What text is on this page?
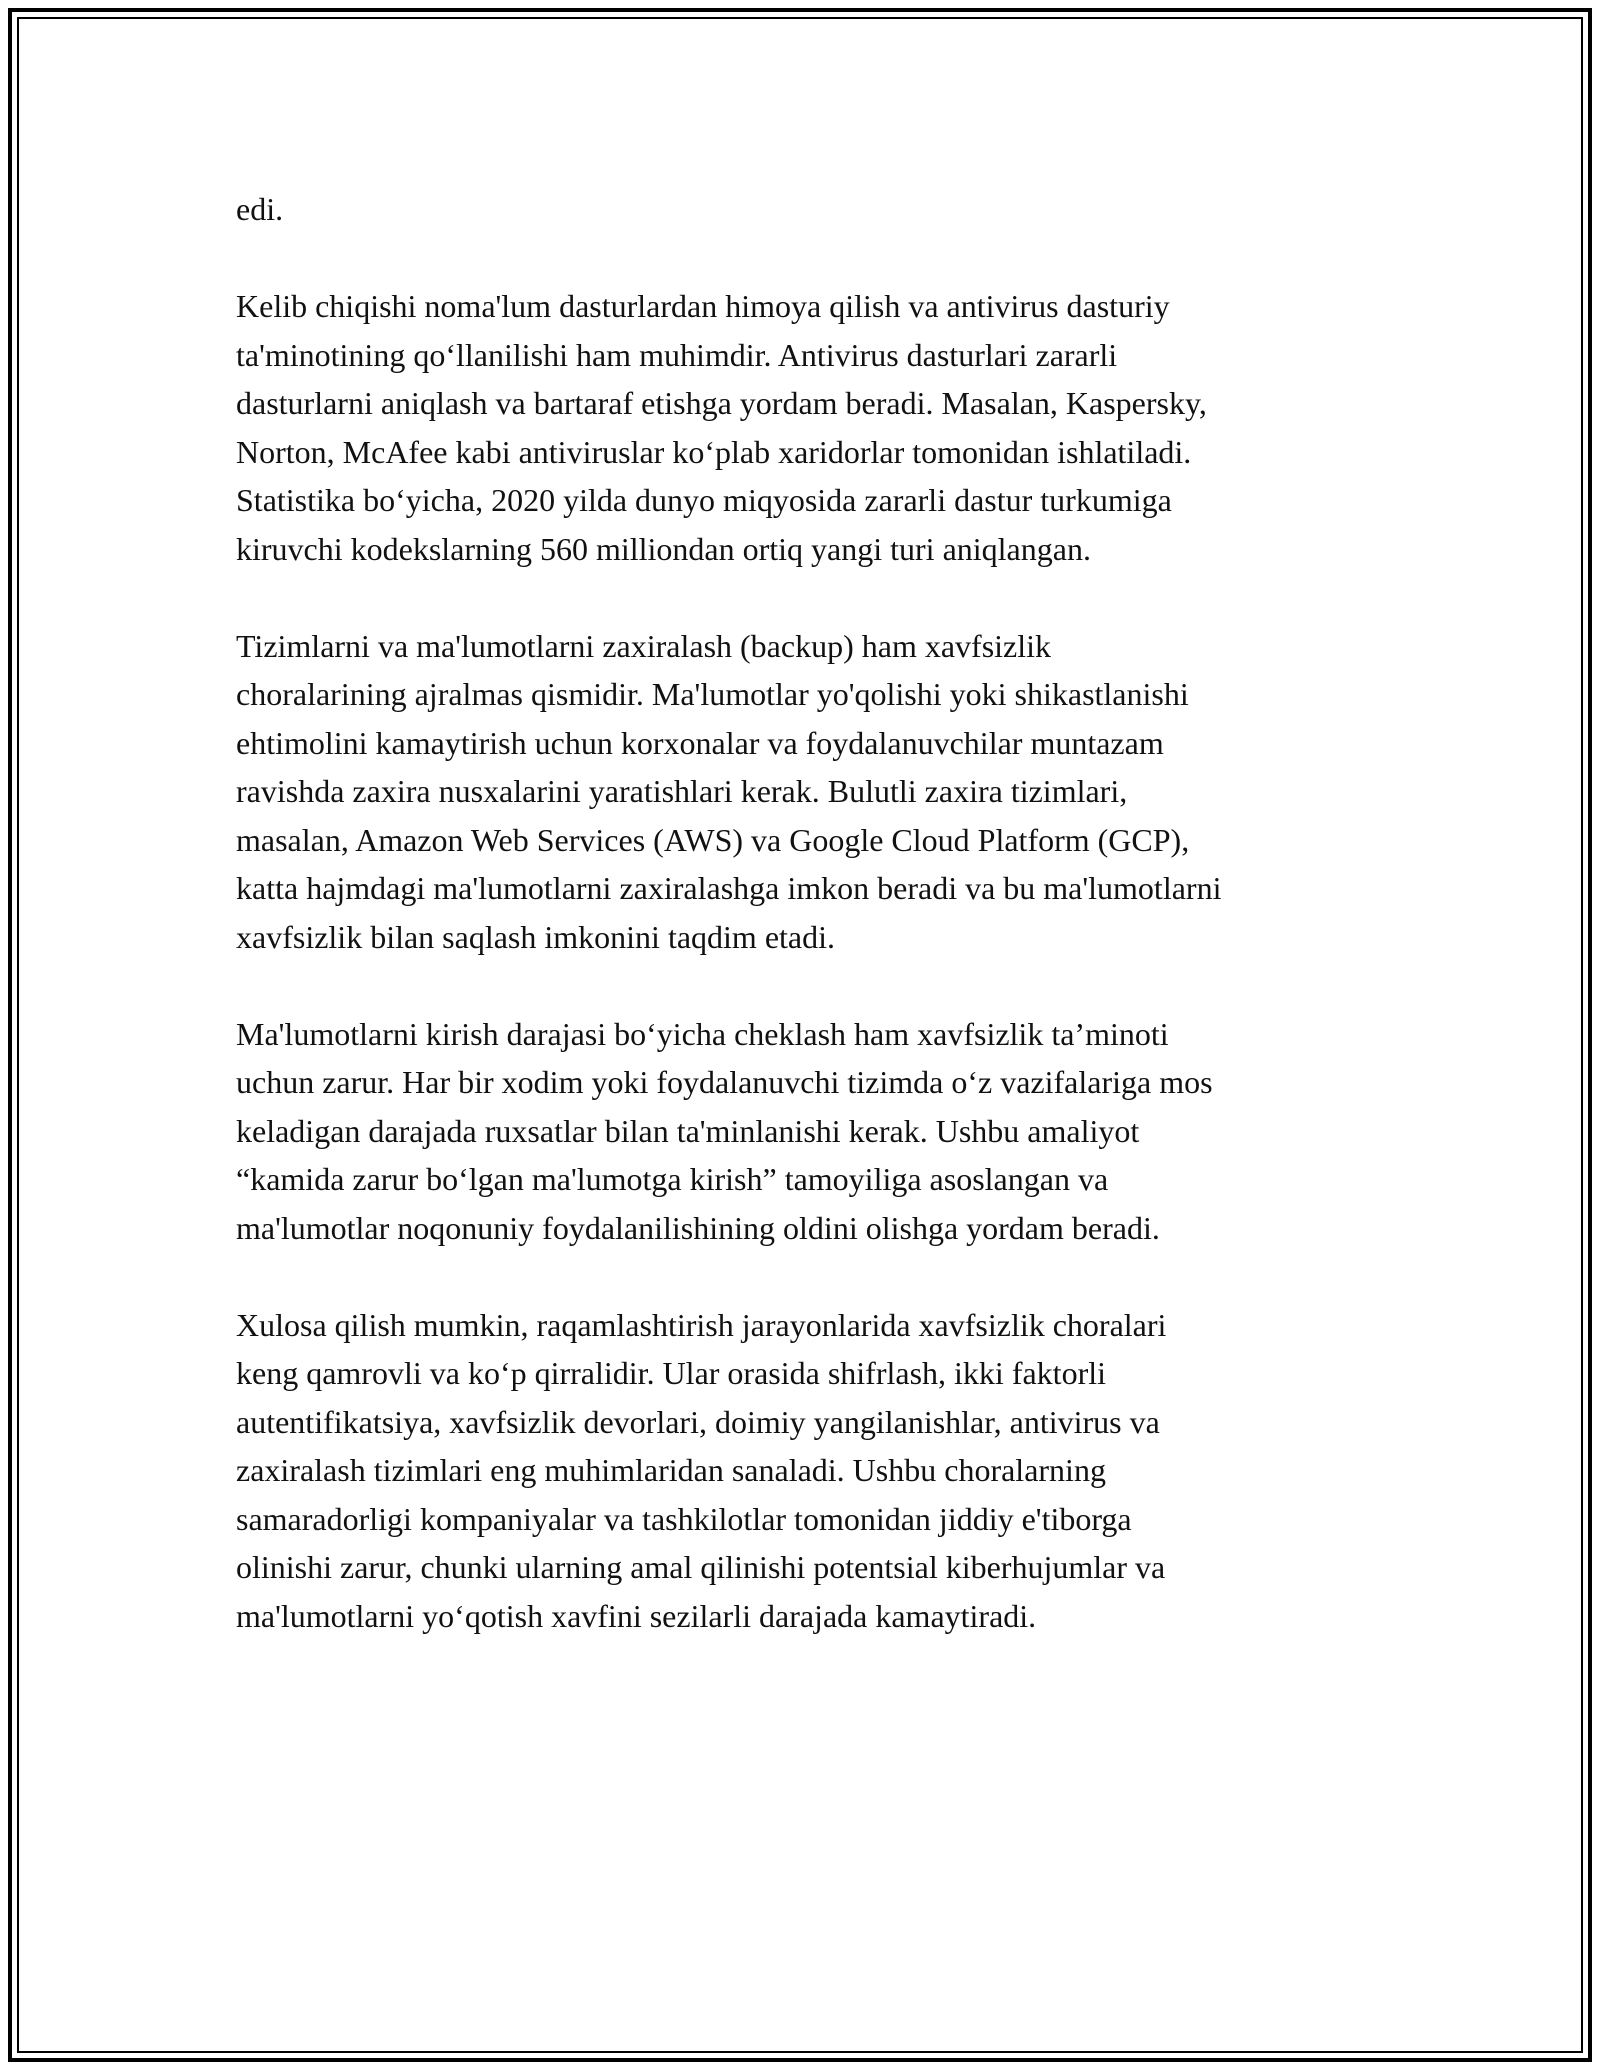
edi.

Kelib chiqishi noma'lum dasturlardan himoya qilish va antivirus dasturiy
ta'minotining qo‘llanilishi ham muhimdir. Antivirus dasturlari zararli
dasturlarni aniqlash va bartaraf etishga yordam beradi. Masalan, Kaspersky,
Norton, McAfee kabi antiviruslar ko‘plab xaridorlar tomonidan ishlatiladi.
Statistika bo‘yicha, 2020 yilda dunyo miqyosida zararli dastur turkumiga
kiruvchi kodekslarning 560 milliondan ortiq yangi turi aniqlangan.

Tizimlarni va ma'lumotlarni zaxiralash (backup) ham xavfsizlik
choralarining ajralmas qismidir. Ma'lumotlar yo'qolishi yoki shikastlanishi
ehtimolini kamaytirish uchun korxonalar va foydalanuvchilar muntazam
ravishda zaxira nusxalarini yaratishlari kerak. Bulutli zaxira tizimlari,
masalan, Amazon Web Services (AWS) va Google Cloud Platform (GCP),
katta hajmdagi ma'lumotlarni zaxiralashga imkon beradi va bu ma'lumotlarni
xavfsizlik bilan saqlash imkonini taqdim etadi.

Ma'lumotlarni kirish darajasi bo‘yicha cheklash ham xavfsizlik ta’minoti
uchun zarur. Har bir xodim yoki foydalanuvchi tizimda o‘z vazifalariga mos
keladigan darajada ruxsatlar bilan ta'minlanishi kerak. Ushbu amaliyot
“kamida zarur bo‘lgan ma'lumotga kirish” tamoyiliga asoslangan va
ma'lumotlar noqonuniy foydalanilishining oldini olishga yordam beradi.

Xulosa qilish mumkin, raqamlashtirish jarayonlarida xavfsizlik choralari
keng qamrovli va ko‘p qirralidir. Ular orasida shifrlash, ikki faktorli
autentifikatsiya, xavfsizlik devorlari, doimiy yangilanishlar, antivirus va
zaxiralash tizimlari eng muhimlaridan sanaladi. Ushbu choralarning
samaradorligi kompaniyalar va tashkilotlar tomonidan jiddiy e'tiborga
olinishi zarur, chunki ularning amal qilinishi potentsial kiberhujumlar va
ma'lumotlarni yo‘qotish xavfini sezilarli darajada kamaytiradi.
